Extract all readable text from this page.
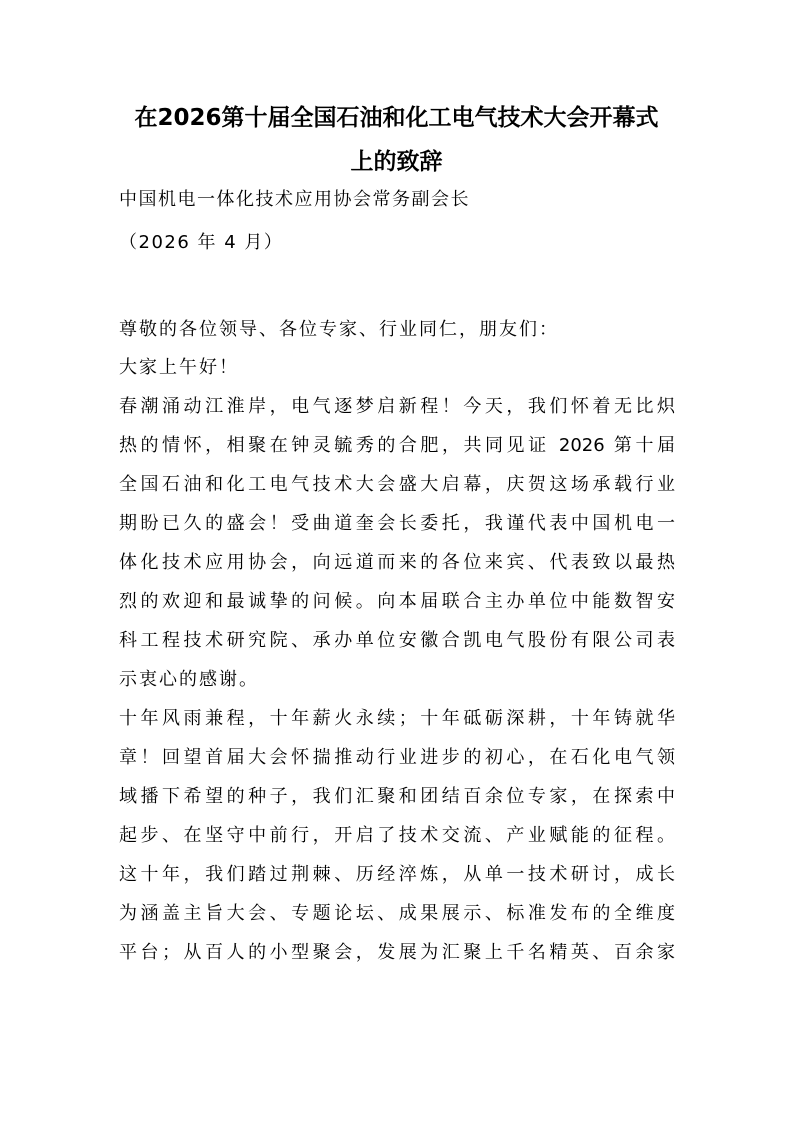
在2026第十届全国石油和化工电气技术大会开幕式
上的致辞
中国机电一体化技术应用协会常务副会长
（2026 年 4 月）
尊敬的各位领导、各位专家、行业同仁，朋友们：
大家上午好！
春潮涌动江淮岸，电气逐梦启新程！今天，我们怀着无比炽
热的情怀，相聚在钟灵毓秀的合肥，共同见证 2026 第十届
全国石油和化工电气技术大会盛大启幕，庆贺这场承载行业
期盼已久的盛会！受曲道奎会长委托，我谨代表中国机电一
体化技术应用协会，向远道而来的各位来宾、代表致以最热
烈的欢迎和最诚挚的问候。向本届联合主办单位中能数智安
科工程技术研究院、承办单位安徽合凯电气股份有限公司表
示衷心的感谢。
十年风雨兼程，十年薪火永续；十年砥砺深耕，十年铸就华
章！回望首届大会怀揣推动行业进步的初心，在石化电气领
域播下希望的种子，我们汇聚和团结百余位专家，在探索中
起步、在坚守中前行，开启了技术交流、产业赋能的征程。
这十年，我们踏过荆棘、历经淬炼，从单一技术研讨，成长
为涵盖主旨大会、专题论坛、成果展示、标准发布的全维度
平台；从百人的小型聚会，发展为汇聚上千名精英、百余家
